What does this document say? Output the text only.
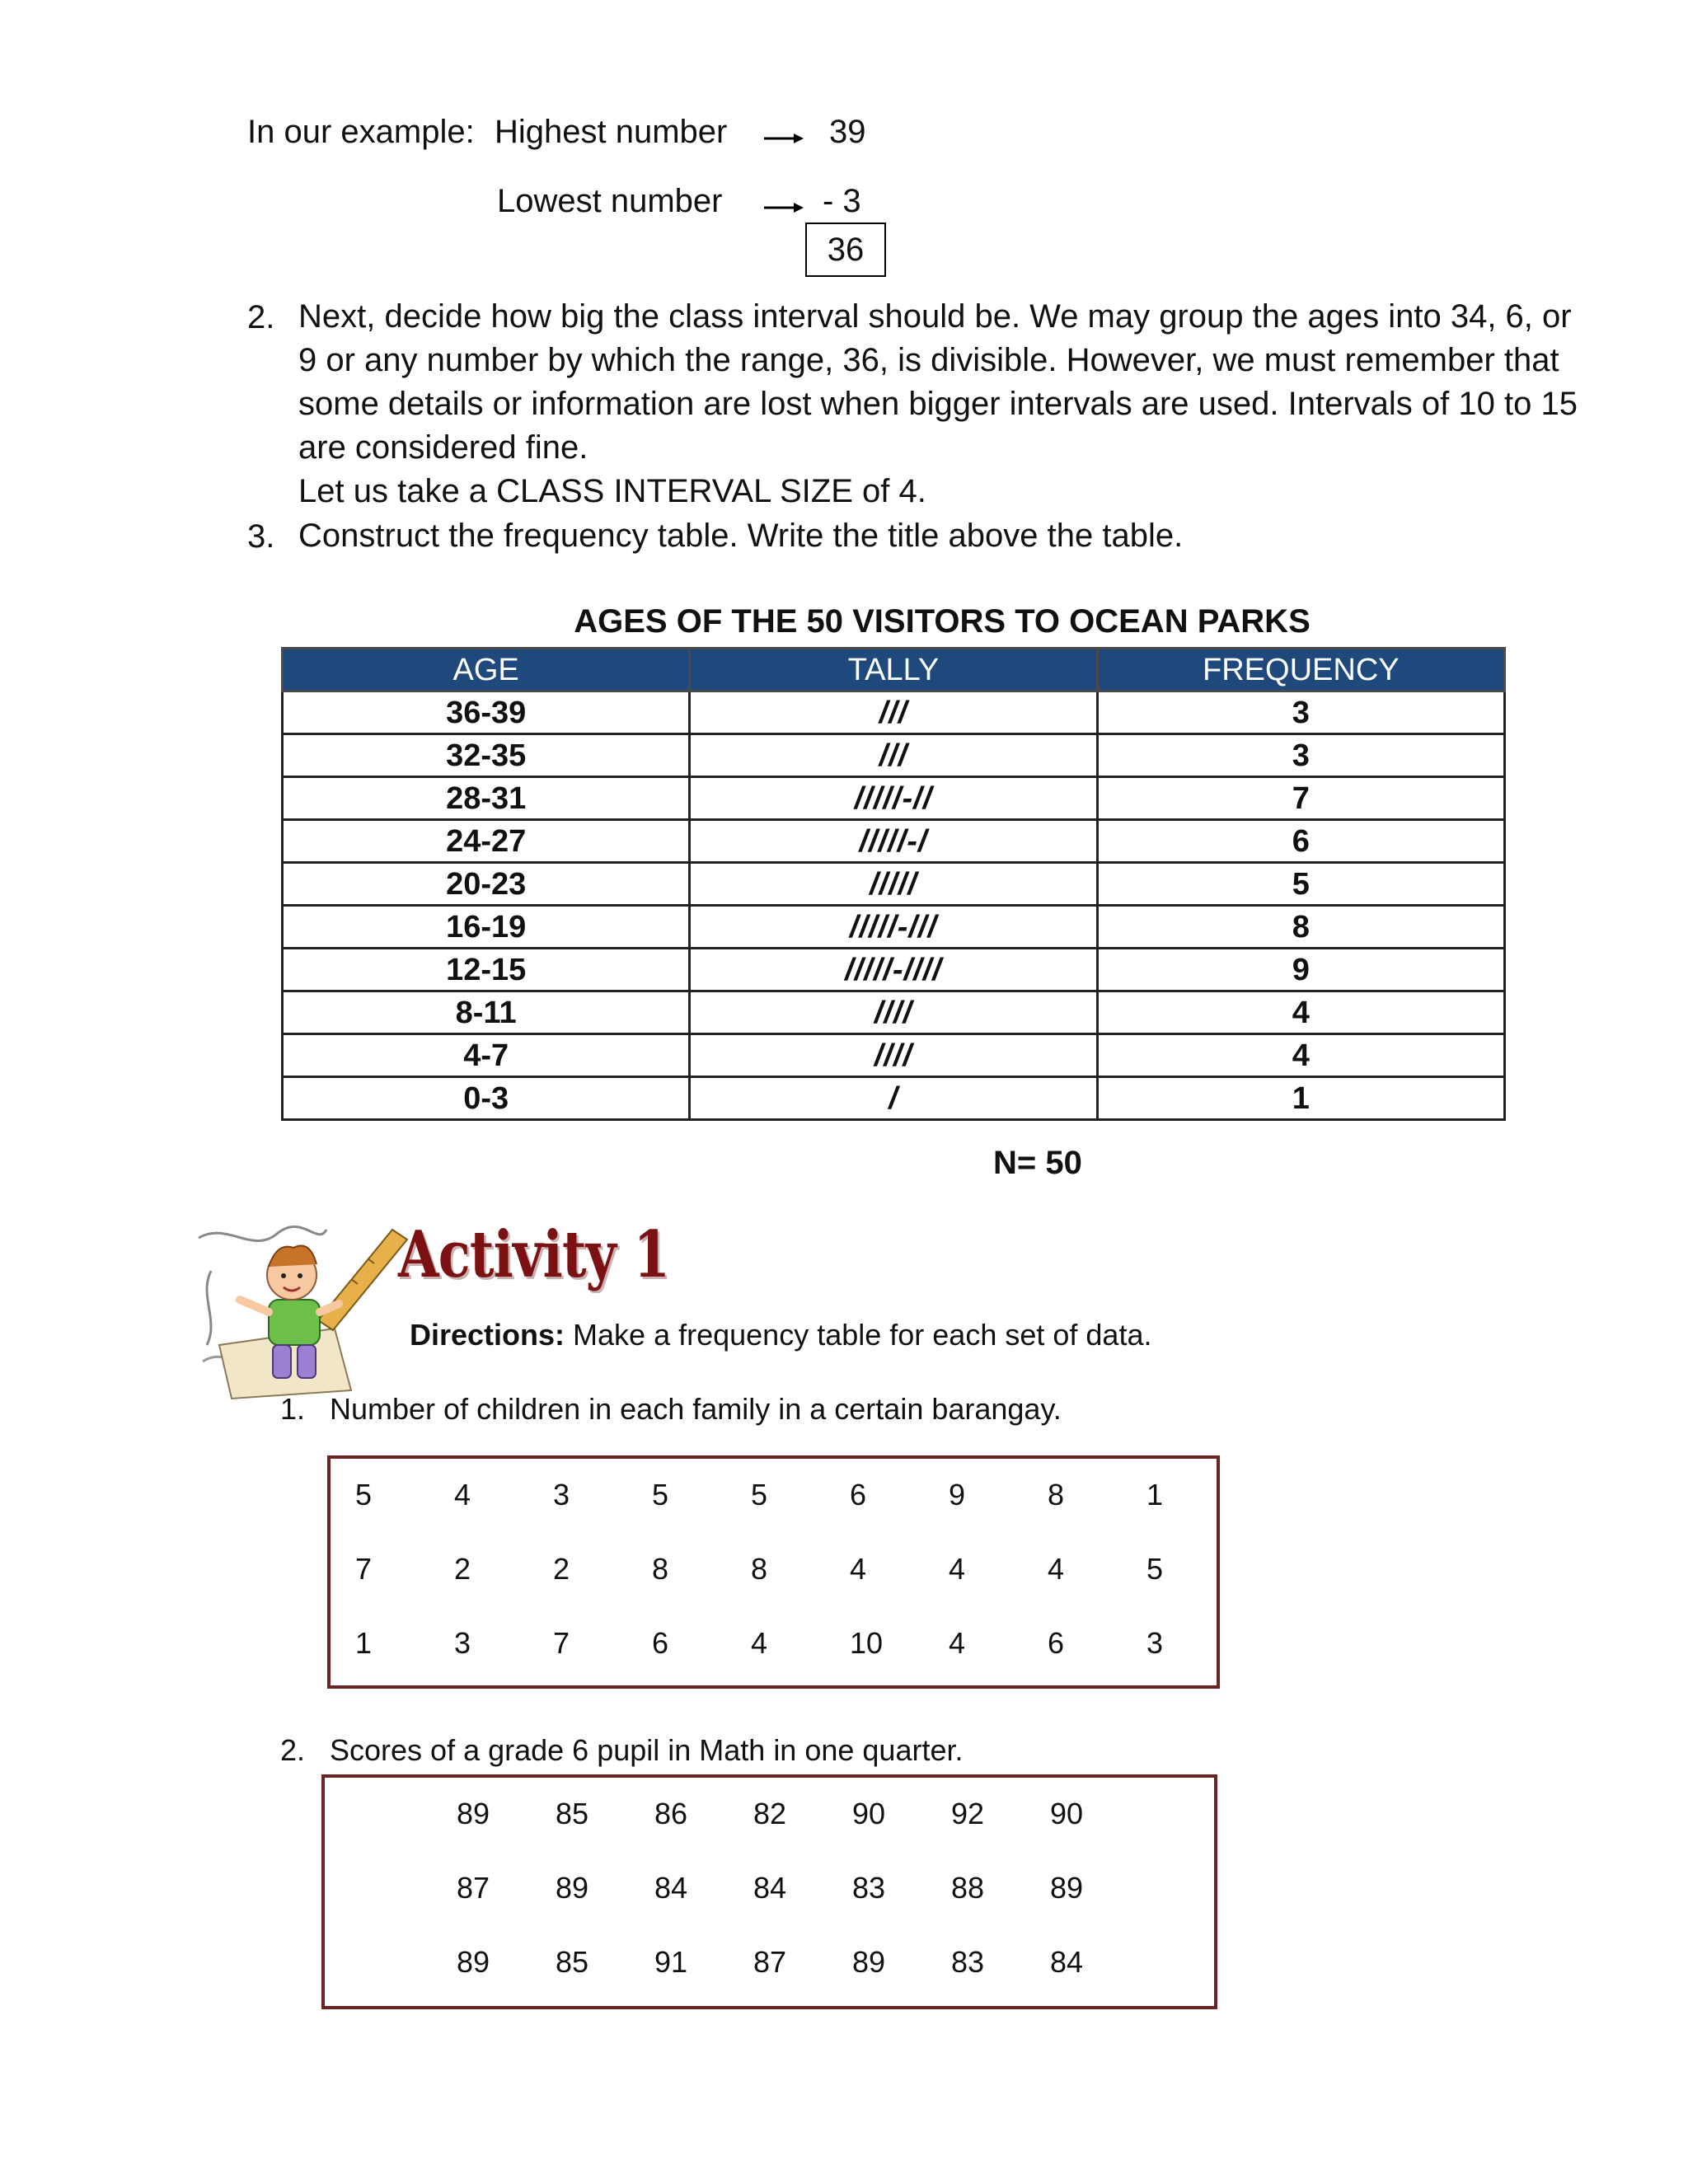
In our example: Highest number	39
Lowest number	- 3
36
2. Next, decide how big the class interval should be. We may group the ages into 34, 6, or
9 or any number by which the range, 36, is divisible. However, we must remember that
some details or information are lost when bigger intervals are used. Intervals of 10 to 15
are considered fine.
Let us take a CLASS INTERVAL SIZE of 4.
3. Construct the frequency table. Write the title above the table.
AGES OF THE 50 VISITORS TO OCEAN PARKS
AGE	TALLY	FREQUENCY
36-39	///	3
32-35	///	3
28-31	/////-//	7
24-27	/////-/	6
20-23	/////	5
16-19	/////-///	8
12-15	/////-////	9
8-11	////	4
4-7	////	4
0-3	/	1
N= 50
Activity 1
Directions: Make a frequency table for each set of data.
1. Number of children in each family in a certain barangay.
5	4	3	5	5	6	9	8	1
7	2	2	8	8	4	4	4	5
1	3	7	6	4	10	4	6	3
2. Scores of a grade 6 pupil in Math in one quarter.
89	85	86	82	90	92	90
87	89	84	84	83	88	89
89	85	91	87	89	83	84
